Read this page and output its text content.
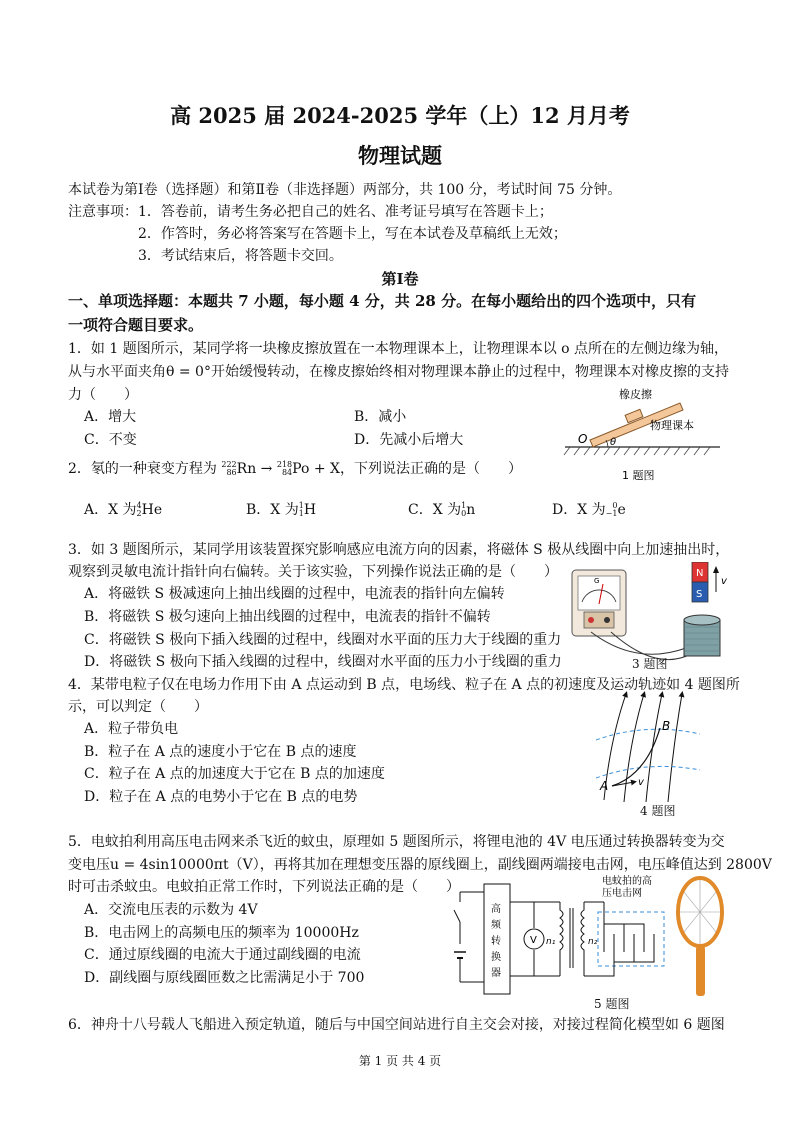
高 2025 届 2024-2025 学年（上）12 月月考
物理试题
本试卷为第Ⅰ卷（选择题）和第Ⅱ卷（非选择题）两部分，共 100 分，考试时间 75 分钟。
注意事项： 1．答卷前，请考生务必把自己的姓名、准考证号填写在答题卡上；
2．作答时，务必将答案写在答题卡上，写在本试卷及草稿纸上无效；
3．考试结束后，将答题卡交回。
第Ⅰ卷
一、单项选择题：本题共 7 小题，每小题 4 分，共 28 分。在每小题给出的四个选项中，只有
一项符合题目要求。
1．如 1 题图所示，某同学将一块橡皮擦放置在一本物理课本上，让物理课本以 o 点所在的左侧边缘为轴，
从与水平面夹角θ = 0°开始缓慢转动，在橡皮擦始终相对物理课本静止的过程中，物理课本对橡皮擦的支持
力（　　）
A．增大	B．减小
C．不变	D．先减小后增大
橡皮擦
物理课本
O θ
1 题图
2．氡的一种衰变方程为 222
86Rn → 218
84Po + X，下列说法正确的是（　　）
A．X 为4
2He	B．X 为1
1H	C．X 为1
0n	D．X 为 0
−1e
3．如 3 题图所示，某同学用该装置探究影响感应电流方向的因素，将磁体 S 极从线圈中向上加速抽出时，
观察到灵敏电流计指针向右偏转。关于该实验，下列操作说法正确的是（　　）
A．将磁铁 S 极减速向上抽出线圈的过程中，电流表的指针向左偏转
B．将磁铁 S 极匀速向上抽出线圈的过程中，电流表的指针不偏转
C．将磁铁 S 极向下插入线圈的过程中，线圈对水平面的压力大于线圈的重力
D．将磁铁 S 极向下插入线圈的过程中，线圈对水平面的压力小于线圈的重力
G
N
S
v
3 题图
4．某带电粒子仅在电场力作用下由 A 点运动到 B 点，电场线、粒子在 A 点的初速度及运动轨迹如 4 题图所
示，可以判定（　　）
A．粒子带负电
B．粒子在 A 点的速度小于它在 B 点的速度
C．粒子在 A 点的加速度大于它在 B 点的加速度
D．粒子在 A 点的电势小于它在 B 点的电势
A
B
v
4 题图
5．电蚊拍利用高压电击网来杀飞近的蚊虫，原理如 5 题图所示，将锂电池的 4V 电压通过转换器转变为交
变电压u = 4sin10000πt（V），再将其加在理想变压器的原线圈上，副线圈两端接电击网，电压峰值达到 2800V
时可击杀蚊虫。电蚊拍正常工作时，下列说法正确的是（　　）
A．交流电压表的示数为 4V
B．电击网上的高频电压的频率为 10000Hz
C．通过原线圈的电流大于通过副线圈的电流
D．副线圈与原线圈匝数之比需满足小于 700
电蚊拍的高
压电击网
高
频
转
换
器
V n₁	n₂
5 题图
6．神舟十八号载人飞船进入预定轨道，随后与中国空间站进行自主交会对接，对接过程简化模型如 6 题图
第 1 页 共 4 页
